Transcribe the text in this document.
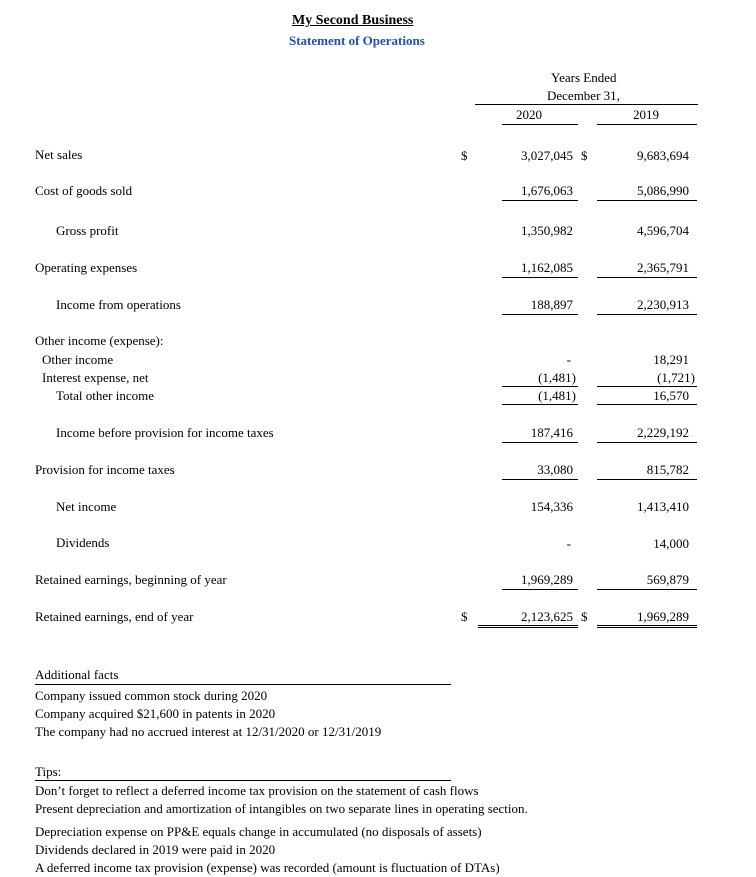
My Second Business
Statement of Operations
Years Ended
December 31,
2020	2019
Net sales	$	3,027,045 $	9,683,694
Cost of goods sold	1,676,063	5,086,990
Gross profit	1,350,982	4,596,704
Operating expenses	1,162,085	2,365,791
Income from operations	188,897	2,230,913
Other income (expense):
Other income	-	18,291
Interest expense, net	(1,481)	(1,721)
Total other income	(1,481)	16,570
Income before provision for income taxes	187,416	2,229,192
Provision for income taxes	33,080	815,782
Net income	154,336	1,413,410
Dividends	-	14,000
Retained earnings, beginning of year	1,969,289	569,879
Retained earnings, end of year	$	2,123,625 $	1,969,289
Additional facts
Company issued common stock during 2020
Company acquired $21,600 in patents in 2020
The company had no accrued interest at 12/31/2020 or 12/31/2019
Tips:
Don’t forget to reflect a deferred income tax provision on the statement of cash flows
Present depreciation and amortization of intangibles on two separate lines in operating section.
Depreciation expense on PP&E equals change in accumulated (no disposals of assets)
Dividends declared in 2019 were paid in 2020
A deferred income tax provision (expense) was recorded (amount is fluctuation of DTAs)
